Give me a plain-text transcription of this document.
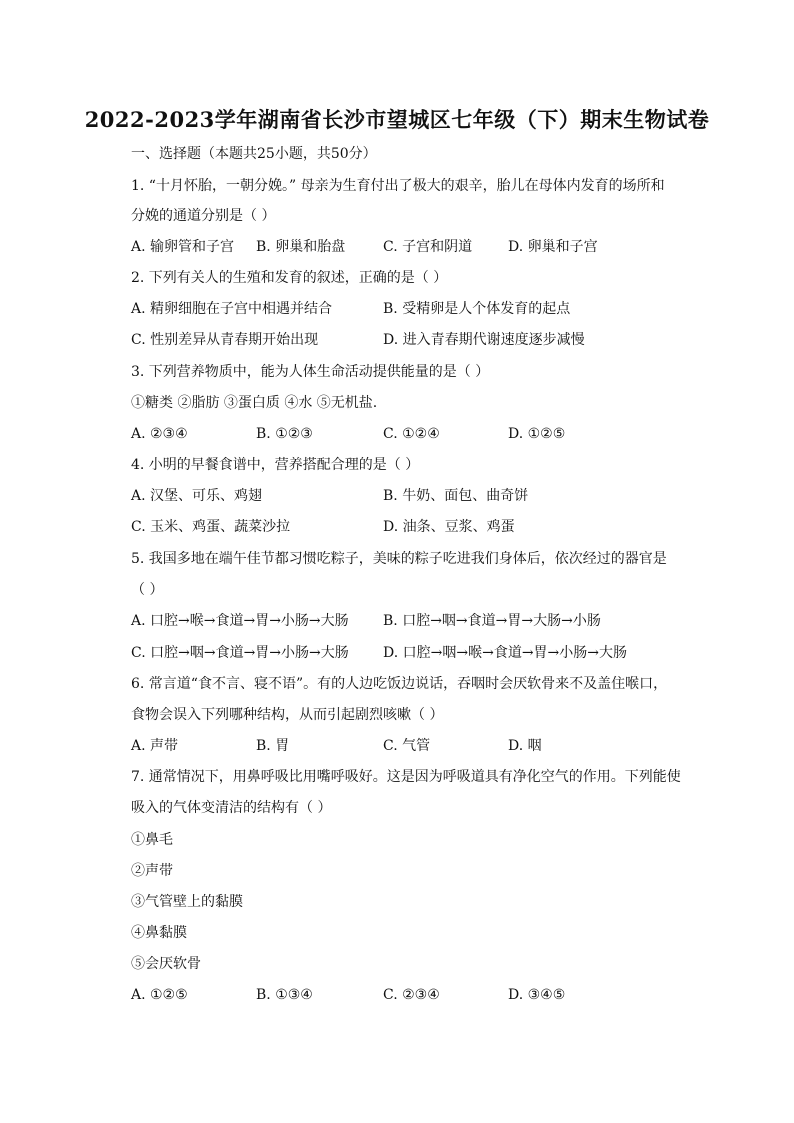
2022-2023学年湖南省长沙市望城区七年级（下）期末生物试卷
一、选择题（本题共25小题，共50分）
1. “十月怀胎，一朝分娩。” 母亲为生育付出了极大的艰辛，胎儿在母体内发育的场所和
分娩的通道分别是（ ）
A. 输卵管和子宫 B. 卵巢和胎盘	C. 子宫和阴道	D. 卵巢和子宫
2. 下列有关人的生殖和发育的叙述，正确的是（ ）
A. 精卵细胞在子宫中相遇并结合	B. 受精卵是人个体发育的起点
C. 性别差异从青春期开始出现	D. 进入青春期代谢速度逐步减慢
3. 下列营养物质中，能为人体生命活动提供能量的是（ ）
①糖类 ②脂肪 ③蛋白质 ④水 ⑤无机盐.
A. ②③④	B. ①②③	C. ①②④	D. ①②⑤
4. 小明的早餐食谱中，营养搭配合理的是（ ）
A. 汉堡、可乐、鸡翅	B. 牛奶、面包、曲奇饼
C. 玉米、鸡蛋、蔬菜沙拉	D. 油条、豆浆、鸡蛋
5. 我国多地在端午佳节都习惯吃粽子，美味的粽子吃进我们身体后，依次经过的器官是
（ ）
A. 口腔→喉→食道→胃→小肠→大肠 B. 口腔→咽→食道→胃→大肠→小肠
C. 口腔→咽→食道→胃→小肠→大肠 D. 口腔→咽→喉→食道→胃→小肠→大肠
6. 常言道“食不言、寝不语”。有的人边吃饭边说话，吞咽时会厌软骨来不及盖住喉口，
食物会误入下列哪种结构，从而引起剧烈咳嗽（ ）
A. 声带	B. 胃	C. 气管	D. 咽
7. 通常情况下，用鼻呼吸比用嘴呼吸好。这是因为呼吸道具有净化空气的作用。下列能使
吸入的气体变清洁的结构有（ ）
①鼻毛
②声带
③气管壁上的黏膜
④鼻黏膜
⑤会厌软骨
A. ①②⑤	B. ①③④	C. ②③④	D. ③④⑤
